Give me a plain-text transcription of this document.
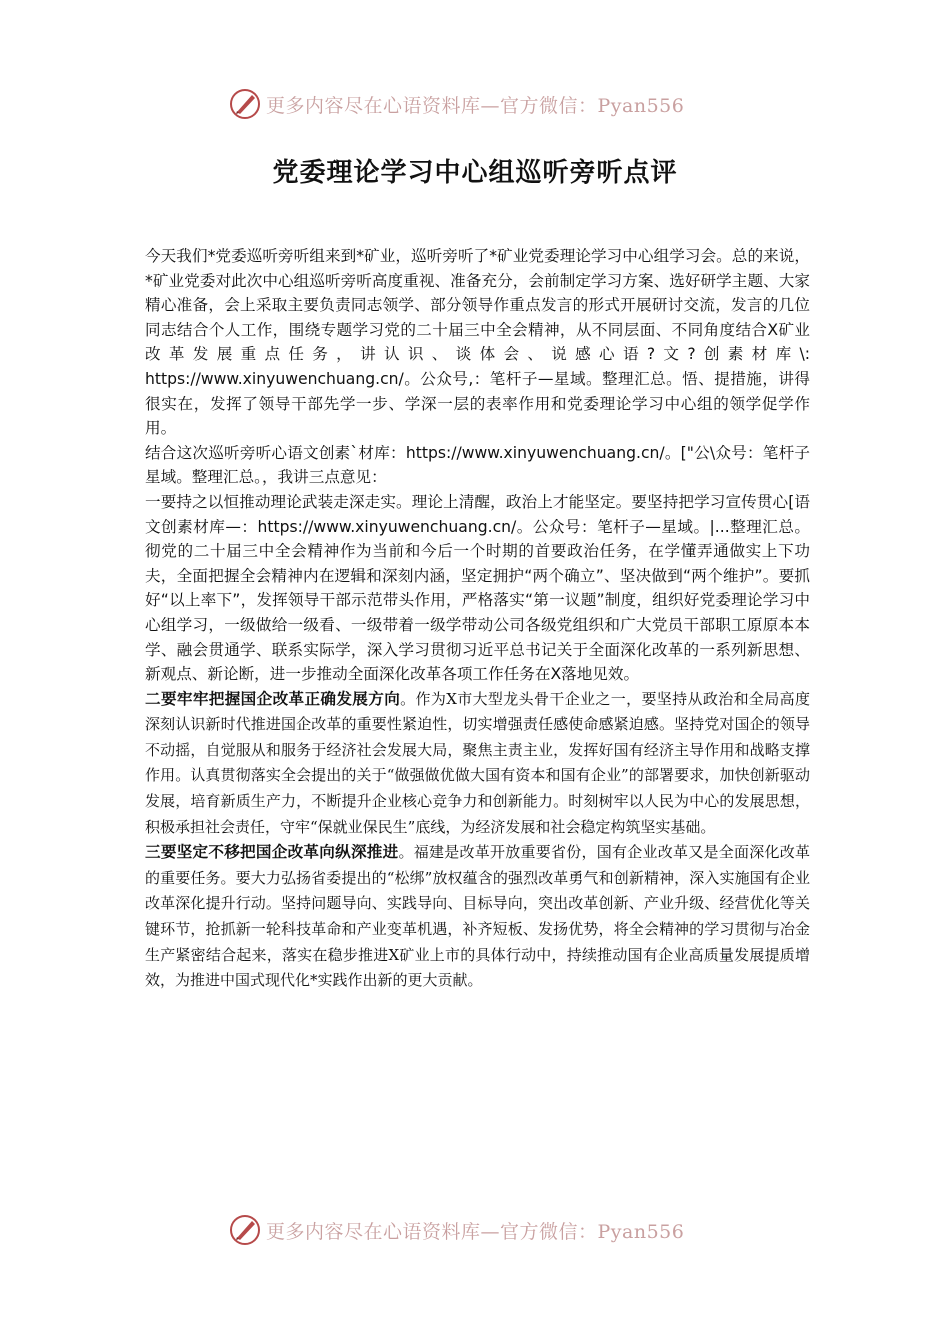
更多内容尽在心语资料库—官方微信：Pyan556
党委理论学习中心组巡听旁听点评

今天我们*党委巡听旁听组来到*矿业，巡听旁听了*矿业党委理论学习中心组学习会。总的来说，*矿业党委对此次中心组巡听旁听高度重视、准备充分，会前制定学习方案、选好研学主题、大家精心准备，会上采取主要负责同志领学、部分领导作重点发言的形式开展研讨交流，发言的几位同志结合个人工作，围绕专题学习党的二十届三中全会精神，从不同层面、不同角度结合X矿业改革发展重点任务，讲认识、谈体会、说感心语?文?创素材库\: https://www.xinyuwenchuang.cn/。公众号,：笔杆子—星域。整理汇总。悟、提措施，讲得很实在，发挥了领导干部先学一步、学深一层的表率作用和党委理论学习中心组的领学促学作用。

结合这次巡听旁听心语文创素`材库：https://www.xinyuwenchuang.cn/。["公\众号：笔杆子星域。整理汇总。，我讲三点意见：

一要持之以恒推动理论武装走深走实。理论上清醒，政治上才能坚定。要坚持把学习宣传贯心[语文创素材库—：https://www.xinyuwenchuang.cn/。公众号：笔杆子—星域。|...整理汇总。彻党的二十届三中全会精神作为当前和今后一个时期的首要政治任务，在学懂弄通做实上下功夫，全面把握全会精神内在逻辑和深刻内涵，坚定拥护“两个确立”、坚决做到“两个维护”。要抓好“以上率下”，发挥领导干部示范带头作用，严格落实“第一议题”制度，组织好党委理论学习中心组学习，一级做给一级看、一级带着一级学带动公司各级党组织和广大党员干部职工原原本本学、融会贯通学、联系实际学，深入学习贯彻习近平总书记关于全面深化改革的一系列新思想、新观点、新论断，进一步推动全面深化改革各项工作任务在X落地见效。

二要牢牢把握国企改革正确发展方向。作为X市大型龙头骨干企业之一，要坚持从政治和全局高度深刻认识新时代推进国企改革的重要性紧迫性，切实增强责任感使命感紧迫感。坚持党对国企的领导不动摇，自觉服从和服务于经济社会发展大局，聚焦主责主业，发挥好国有经济主导作用和战略支撑作用。认真贯彻落实全会提出的关于“做强做优做大国有资本和国有企业”的部署要求，加快创新驱动发展，培育新质生产力，不断提升企业核心竞争力和创新能力。时刻树牢以人民为中心的发展思想，积极承担社会责任，守牢“保就业保民生”底线，为经济发展和社会稳定构筑坚实基础。

三要坚定不移把国企改革向纵深推进。福建是改革开放重要省份，国有企业改革又是全面深化改革的重要任务。要大力弘扬省委提出的“松绑”放权蕴含的强烈改革勇气和创新精神，深入实施国有企业改革深化提升行动。坚持问题导向、实践导向、目标导向，突出改革创新、产业升级、经营优化等关键环节，抢抓新一轮科技革命和产业变革机遇，补齐短板、发扬优势，将全会精神的学习贯彻与冶金生产紧密结合起来，落实在稳步推进X矿业上市的具体行动中，持续推动国有企业高质量发展提质增效，为推进中国式现代化*实践作出新的更大贡献。

更多内容尽在心语资料库—官方微信：Pyan556
